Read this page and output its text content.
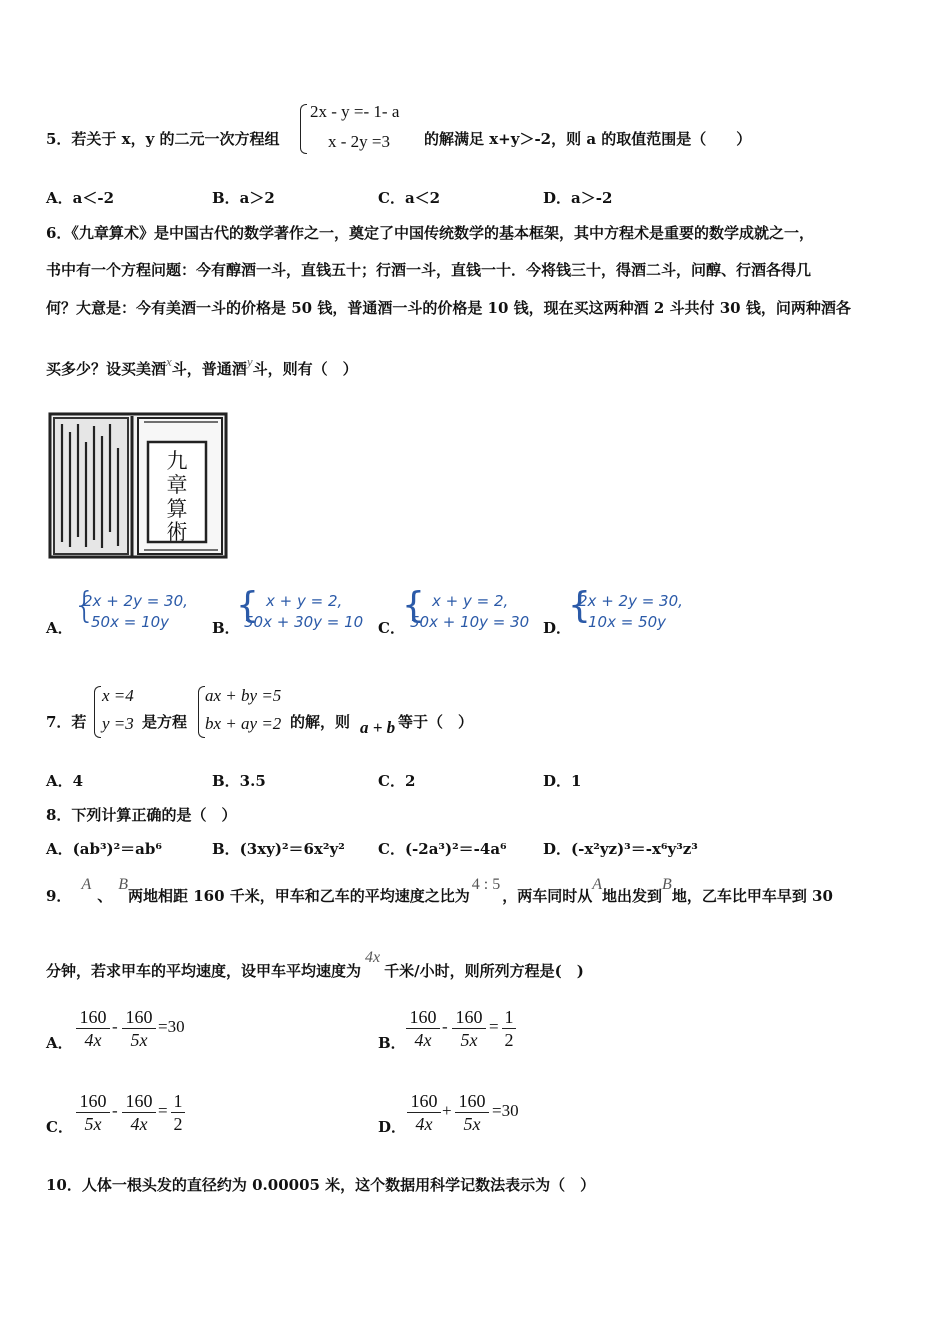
5．若关于 x，y 的二元一次方程组
2x - y =- 1- a
x - 2y =3 的解满足 x+y＞-2，则 a 的取值范围是（　　）
A．a＜-2	B．a＞2	C．a＜2	D．a＞-2
6．《九章算术》是中国古代的数学著作之一，奠定了中国传统数学的基本框架，其中方程术是重要的数学成就之一，
书中有一个方程问题：今有醇酒一斗，直钱五十；行酒一斗，直钱一十．今将钱三十，得酒二斗，问醇、行酒各得几
何？大意是：今有美酒一斗的价格是 50 钱，普通酒一斗的价格是 10 钱，现在买这两种酒 2 斗共付 30 钱，问两种酒各
买多少？设买美酒x斗，普通酒y斗，则有（　）
九
章
算
術
A．
{
2x + 2y = 30,
50x = 10y	B．
{ x + y = 2,
50x + 30y = 10 C．
{ x + y = 2,
50x + 10y = 30 D．
{
2x + 2y = 30,
10x = 50y
7．若
x =4
y =3 是方程
ax + by =5
bx + ay =2 的解，则 a + b 等于（　）
A．4	B．3.5	C．2	D．1
8．下列计算正确的是（　）
A．(ab³)²＝ab⁶	B．(3xy)²＝6x²y² C．(-2a³)²＝-4a⁶ D．(-x²yz)³＝-x⁶y³z³
9．A、B两地相距 160 千米，甲车和乙车的平均速度之比为4 : 5，两车同时从A地出发到B地，乙车比甲车早到 30
分钟，若求甲车的平均速度，设甲车平均速度为4x千米/小时，则所列方程是(　)
A．
160
4x
- 160
5x
=30
B．
160
4x
- 160
5x
= 1
2
C．
160
5x
- 160
4x
= 1
2	D．
160
4x
+ 160
5x
=30
10．人体一根头发的直径约为 0.00005 米，这个数据用科学记数法表示为（　）
